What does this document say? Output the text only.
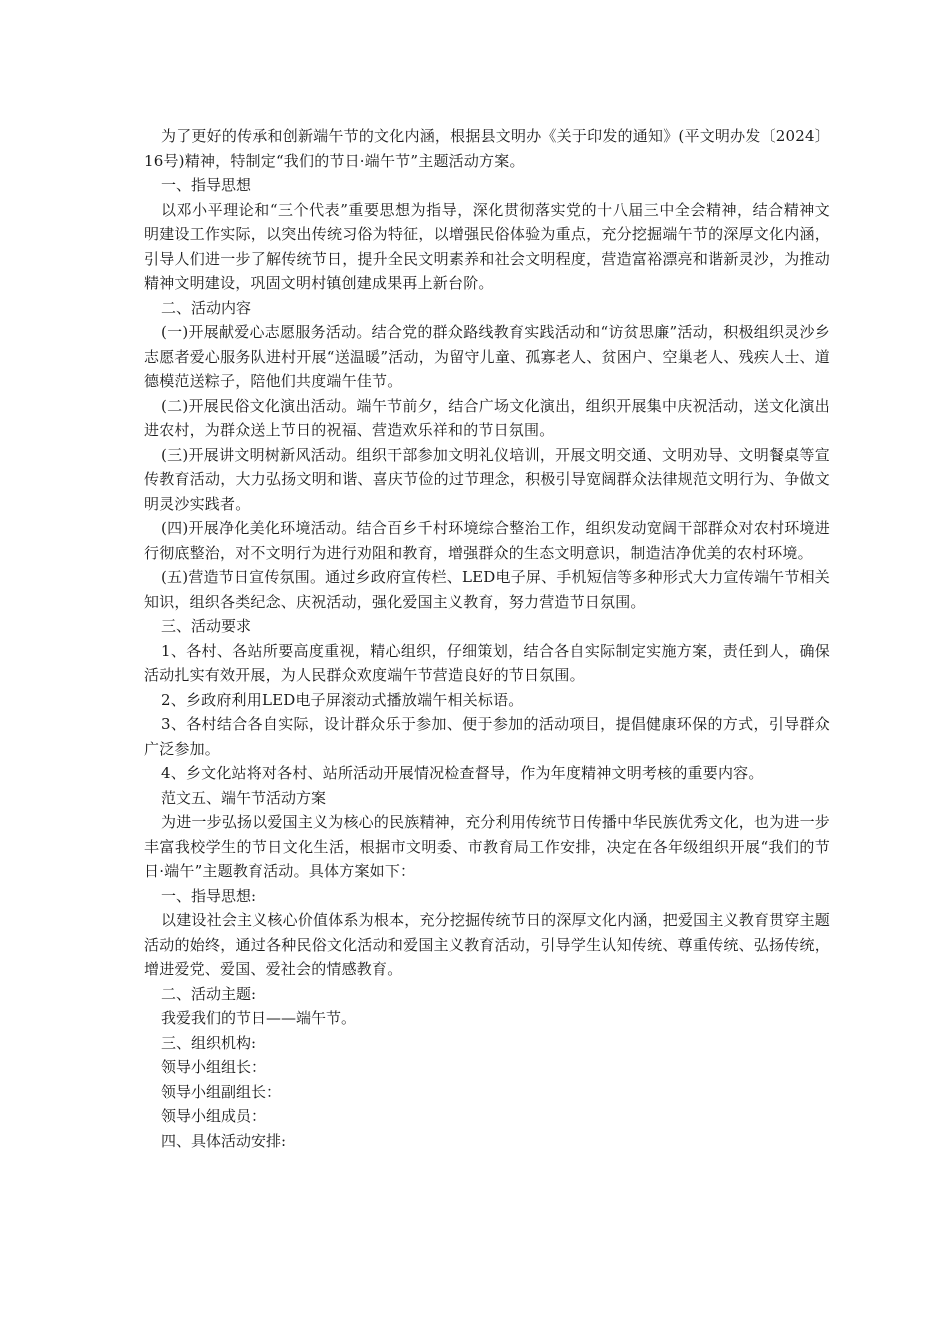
为了更好的传承和创新端午节的文化内涵，根据县文明办《关于印发的通知》(平文明办发〔2024〕16号)精神，特制定“我们的节日·端午节”主题活动方案。

一、指导思想

以邓小平理论和“三个代表”重要思想为指导，深化贯彻落实党的十八届三中全会精神，结合精神文明建设工作实际，以突出传统习俗为特征，以增强民俗体验为重点，充分挖掘端午节的深厚文化内涵，引导人们进一步了解传统节日，提升全民文明素养和社会文明程度，营造富裕漂亮和谐新灵沙，为推动精神文明建设，巩固文明村镇创建成果再上新台阶。

二、活动内容

(一)开展献爱心志愿服务活动。结合党的群众路线教育实践活动和“访贫思廉”活动，积极组织灵沙乡志愿者爱心服务队进村开展“送温暖”活动，为留守儿童、孤寡老人、贫困户、空巢老人、残疾人士、道德模范送粽子，陪他们共度端午佳节。

(二)开展民俗文化演出活动。端午节前夕，结合广场文化演出，组织开展集中庆祝活动，送文化演出进农村，为群众送上节日的祝福、营造欢乐祥和的节日氛围。

(三)开展讲文明树新风活动。组织干部参加文明礼仪培训，开展文明交通、文明劝导、文明餐桌等宣传教育活动，大力弘扬文明和谐、喜庆节俭的过节理念，积极引导宽阔群众法律规范文明行为、争做文明灵沙实践者。

(四)开展净化美化环境活动。结合百乡千村环境综合整治工作，组织发动宽阔干部群众对农村环境进行彻底整治，对不文明行为进行劝阻和教育，增强群众的生态文明意识，制造洁净优美的农村环境。

(五)营造节日宣传氛围。通过乡政府宣传栏、LED电子屏、手机短信等多种形式大力宣传端午节相关知识，组织各类纪念、庆祝活动，强化爱国主义教育，努力营造节日氛围。

三、活动要求

1、各村、各站所要高度重视，精心组织，仔细策划，结合各自实际制定实施方案，责任到人，确保活动扎实有效开展，为人民群众欢度端午节营造良好的节日氛围。

2、乡政府利用LED电子屏滚动式播放端午相关标语。

3、各村结合各自实际，设计群众乐于参加、便于参加的活动项目，提倡健康环保的方式，引导群众广泛参加。

4、乡文化站将对各村、站所活动开展情况检查督导，作为年度精神文明考核的重要内容。

范文五、端午节活动方案

为进一步弘扬以爱国主义为核心的民族精神，充分利用传统节日传播中华民族优秀文化，也为进一步丰富我校学生的节日文化生活，根据市文明委、市教育局工作安排，决定在各年级组织开展“我们的节日·端午”主题教育活动。具体方案如下：

一、指导思想:

以建设社会主义核心价值体系为根本，充分挖掘传统节日的深厚文化内涵，把爱国主义教育贯穿主题活动的始终，通过各种民俗文化活动和爱国主义教育活动，引导学生认知传统、尊重传统、弘扬传统，增进爱党、爱国、爱社会的情感教育。

二、活动主题:

我爱我们的节日——端午节。

三、组织机构:

领导小组组长：

领导小组副组长：

领导小组成员：

四、具体活动安排:
